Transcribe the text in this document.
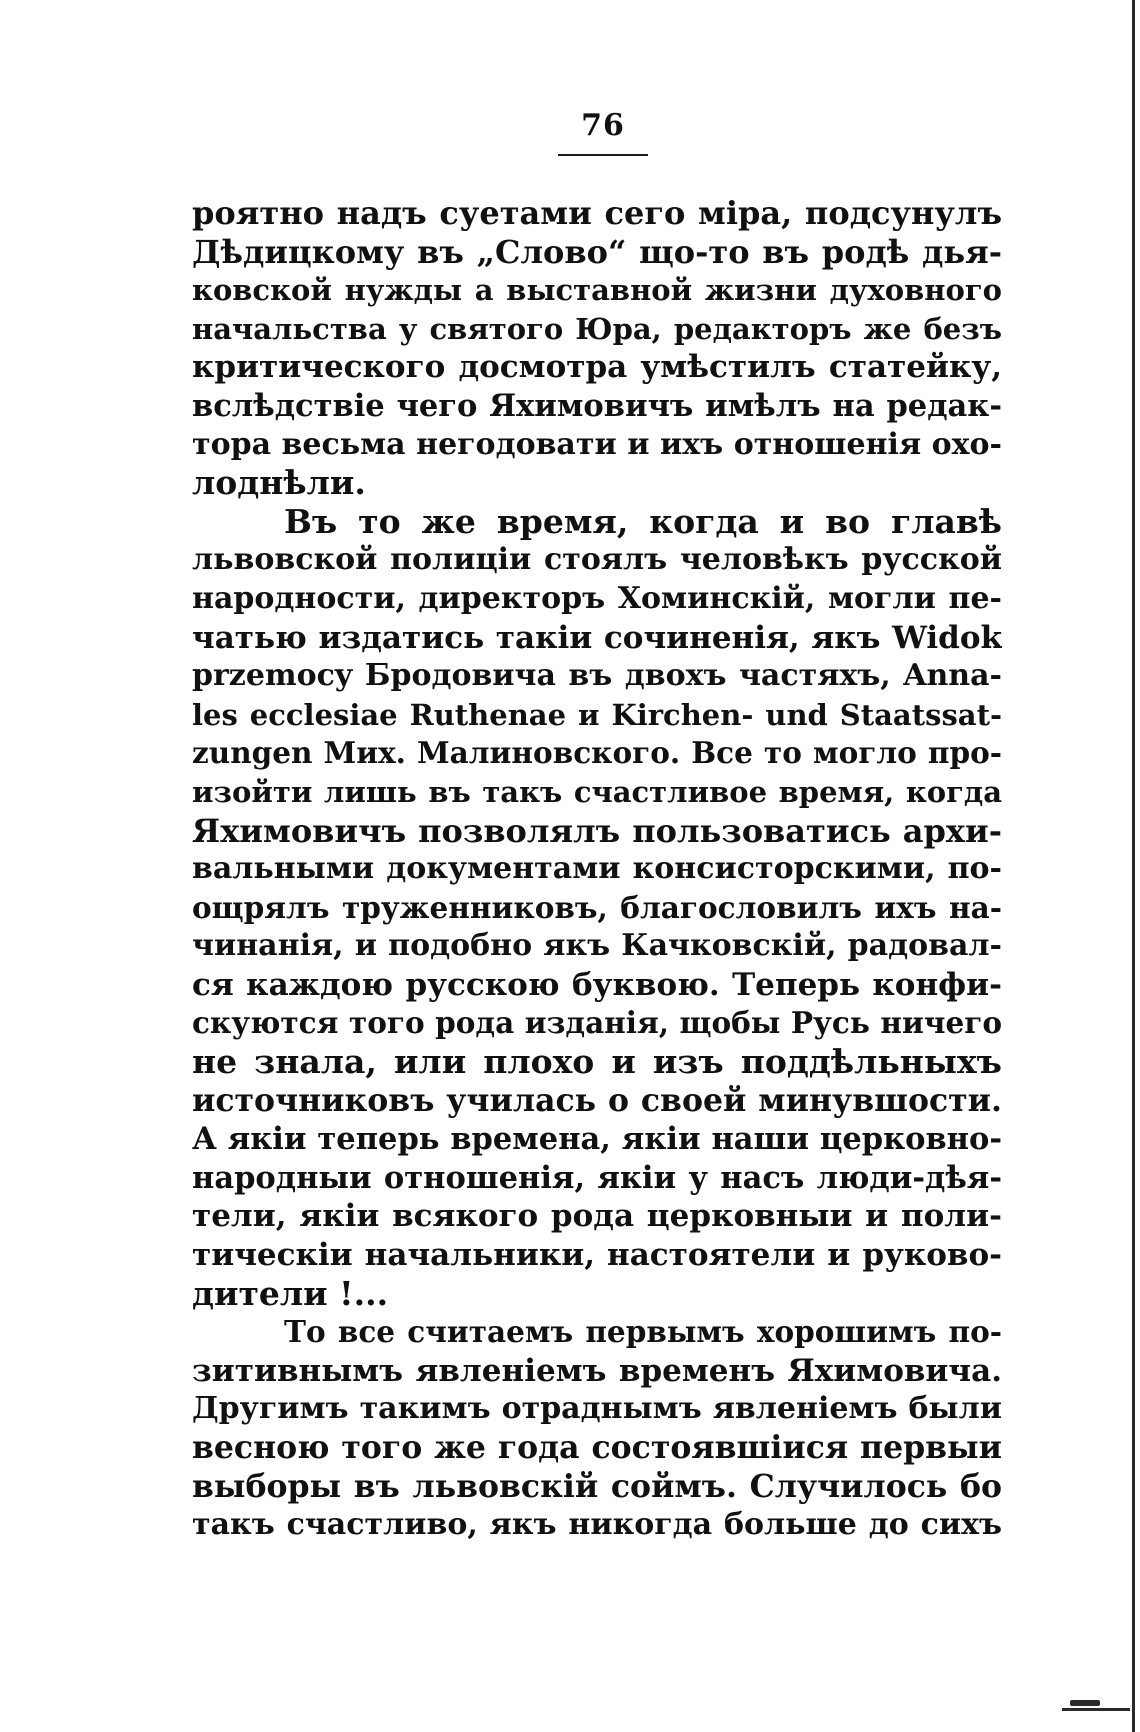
76
роятно надъ суетами сего міра, подсунулъ
Дѣдицкому въ „Слово“ що-то въ родѣ дья-
ковской нужды а выставной жизни духовного
начальства у святого Юра, редакторъ же безъ
критического досмотра умѣстилъ статейку,
вслѣдствіе чего Яхимовичъ имѣлъ на редак-
тора весьма негодовати и ихъ отношенія охо-
лоднѣли.
Въ то же время, когда и во главѣ
львовской полиціи стоялъ человѣкъ русской
народности, директоръ Хоминскій, могли пе-
чатью издатись такіи сочиненія, якъ Widok
przemocy Бродовича въ двохъ частяхъ, Anna-
les ecclesiae Ruthenae и Kirchen- und Staatssat-
zungen Мих. Малиновского. Все то могло про-
изойти лишь въ такъ счастливое время, когда
Яхимовичъ позволялъ пользоватись архи-
вальными документами консисторскими, по-
ощрялъ труженниковъ, благословилъ ихъ на-
чинанія, и подобно якъ Качковскій, радовал-
ся каждою русскою буквою. Теперь конфи-
скуются того рода изданія, щобы Русь ничего
не знала, или плохо и изъ поддѣльныхъ
источниковъ училась о своей минувшости.
А якіи теперь времена, якіи наши церковно-
народныи отношенія, якіи у насъ люди-дѣя-
тели, якіи всякого рода церковныи и поли-
тическіи начальники, настоятели и руково-
дители !...
То все считаемъ первымъ хорошимъ по-
зитивнымъ явленіемъ временъ Яхимовича.
Другимъ такимъ отраднымъ явленіемъ были
весною того же года состоявшіися первыи
выборы въ львовскій соймъ. Случилось бо
такъ счастливо, якъ никогда больше до сихъ
